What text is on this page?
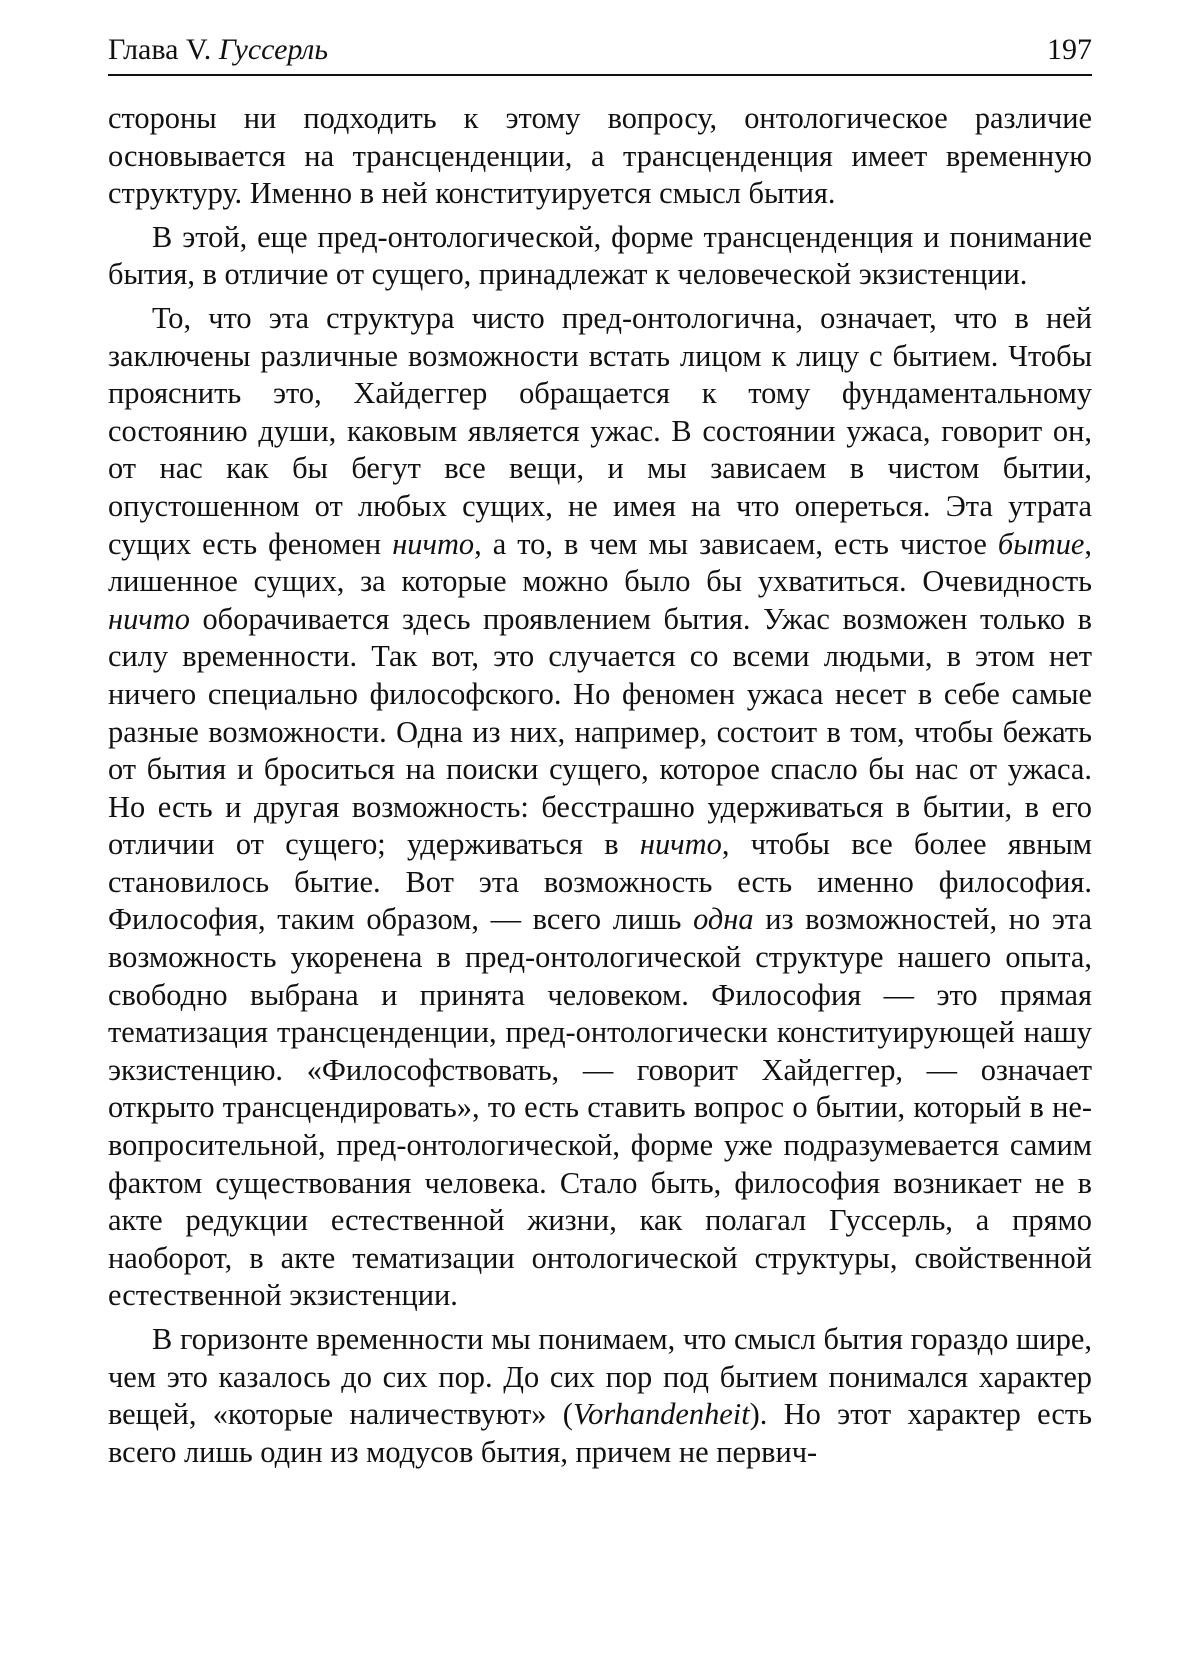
Глава V. Гуссерль	197

стороны ни подходить к этому вопросу, онтологическое различие основывается на трансценденции, а трансценденция имеет временную структуру. Именно в ней конституируется смысл бытия.

В этой, еще пред-онтологической, форме трансценденция и понимание бытия, в отличие от сущего, принадлежат к человеческой экзистенции.

То, что эта структура чисто пред-онтологична, означает, что в ней заключены различные возможности встать лицом к лицу с бытием. Чтобы прояснить это, Хайдеггер обращается к тому фундаментальному состоянию души, каковым является ужас. В состоянии ужаса, говорит он, от нас как бы бегут все вещи, и мы зависаем в чистом бытии, опустошенном от любых сущих, не имея на что опереться. Эта утрата сущих есть феномен ничто, а то, в чем мы зависаем, есть чистое бытие, лишенное сущих, за которые можно было бы ухватиться. Очевидность ничто оборачивается здесь проявлением бытия. Ужас возможен только в силу временности. Так вот, это случается со всеми людьми, в этом нет ничего специально философского. Но феномен ужаса несет в себе самые разные возможности. Одна из них, например, состоит в том, чтобы бежать от бытия и броситься на поиски сущего, которое спасло бы нас от ужаса. Но есть и другая возможность: бесстрашно удерживаться в бытии, в его отличии от сущего; удерживаться в ничто, чтобы все более явным становилось бытие. Вот эта возможность есть именно философия. Философия, таким образом, — всего лишь одна из возможностей, но эта возможность укоренена в пред-онтологической структуре нашего опыта, свободно выбрана и принята человеком. Философия — это прямая тематизация трансценденции, пред-онтологически конституирующей нашу экзистенцию. «Философствовать, — говорит Хайдеггер, — означает открыто трансцендировать», то есть ставить вопрос о бытии, который в не-вопросительной, пред-онтологической, форме уже подразумевается самим фактом существования человека. Стало быть, философия возникает не в акте редукции естественной жизни, как полагал Гуссерль, а прямо наоборот, в акте тематизации онтологической структуры, свойственной естественной экзистенции.

В горизонте временности мы понимаем, что смысл бытия гораздо шире, чем это казалось до сих пор. До сих пор под бытием понимался характер вещей, «которые наличествуют» (Vorhandenheit). Но этот характер есть всего лишь один из модусов бытия, причем не первич-
